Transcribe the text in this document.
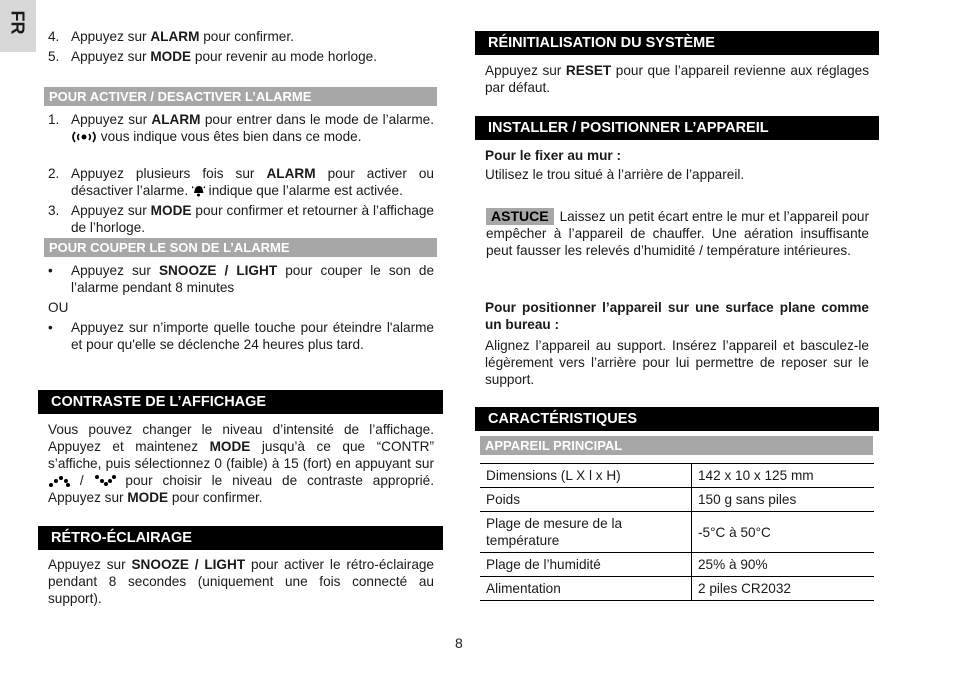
FR
4. Appuyez sur ALARM pour confirmer.
5. Appuyez sur MODE pour revenir au mode horloge.
POUR ACTIVER / DESACTIVER L’ALARME
1. Appuyez sur ALARM pour entrer dans le mode de l’alarme.  vous indique vous êtes bien dans ce mode.
2. Appuyez plusieurs fois sur ALARM pour activer ou désactiver l’alarme.  indique que l’alarme est activée.
3. Appuyez sur MODE pour confirmer et retourner à l’affichage de l’horloge.
POUR COUPER LE SON DE L’ALARME
• Appuyez sur SNOOZE / LIGHT pour couper le son de l’alarme pendant 8 minutes
OU
• Appuyez sur n’importe quelle touche pour éteindre l'alarme et pour qu'elle se déclenche 24 heures plus tard.
CONTRASTE DE L’AFFICHAGE
Vous pouvez changer le niveau d’intensité de l’affichage. Appuyez et maintenez MODE jusqu’à ce que “CONTR” s’affiche, puis sélectionnez 0 (faible) à 15 (fort) en appuyant sur  /  pour choisir le niveau de contraste approprié. Appuyez sur MODE pour confirmer.
RÉTRO-ÉCLAIRAGE
Appuyez sur SNOOZE / LIGHT pour activer le rétro-éclairage pendant 8 secondes (uniquement une fois connecté au support).
RÉINITIALISATION DU SYSTÈME
Appuyez sur RESET pour que l’appareil revienne aux réglages par défaut.
INSTALLER / POSITIONNER L’APPAREIL
Pour le fixer au mur :
Utilisez le trou situé à l’arrière de l’appareil.
ASTUCE Laissez un petit écart entre le mur et l’appareil pour empêcher à l’appareil de chauffer. Une aération insuffisante peut fausser les relevés d’humidité / température intérieures.
Pour positionner l’appareil sur une surface plane comme un bureau :
Alignez l’appareil au support. Insérez l’appareil et basculez-le légèrement vers l’arrière pour lui permettre de reposer sur le support.
CARACTÉRISTIQUES
APPAREIL PRINCIPAL
Dimensions (L X l x H)	142 x 10 x 125 mm
Poids	150 g sans piles
Plage de mesure de la température	-5°C à 50°C
Plage de l’humidité	25% à 90%
Alimentation	2 piles CR2032
8
